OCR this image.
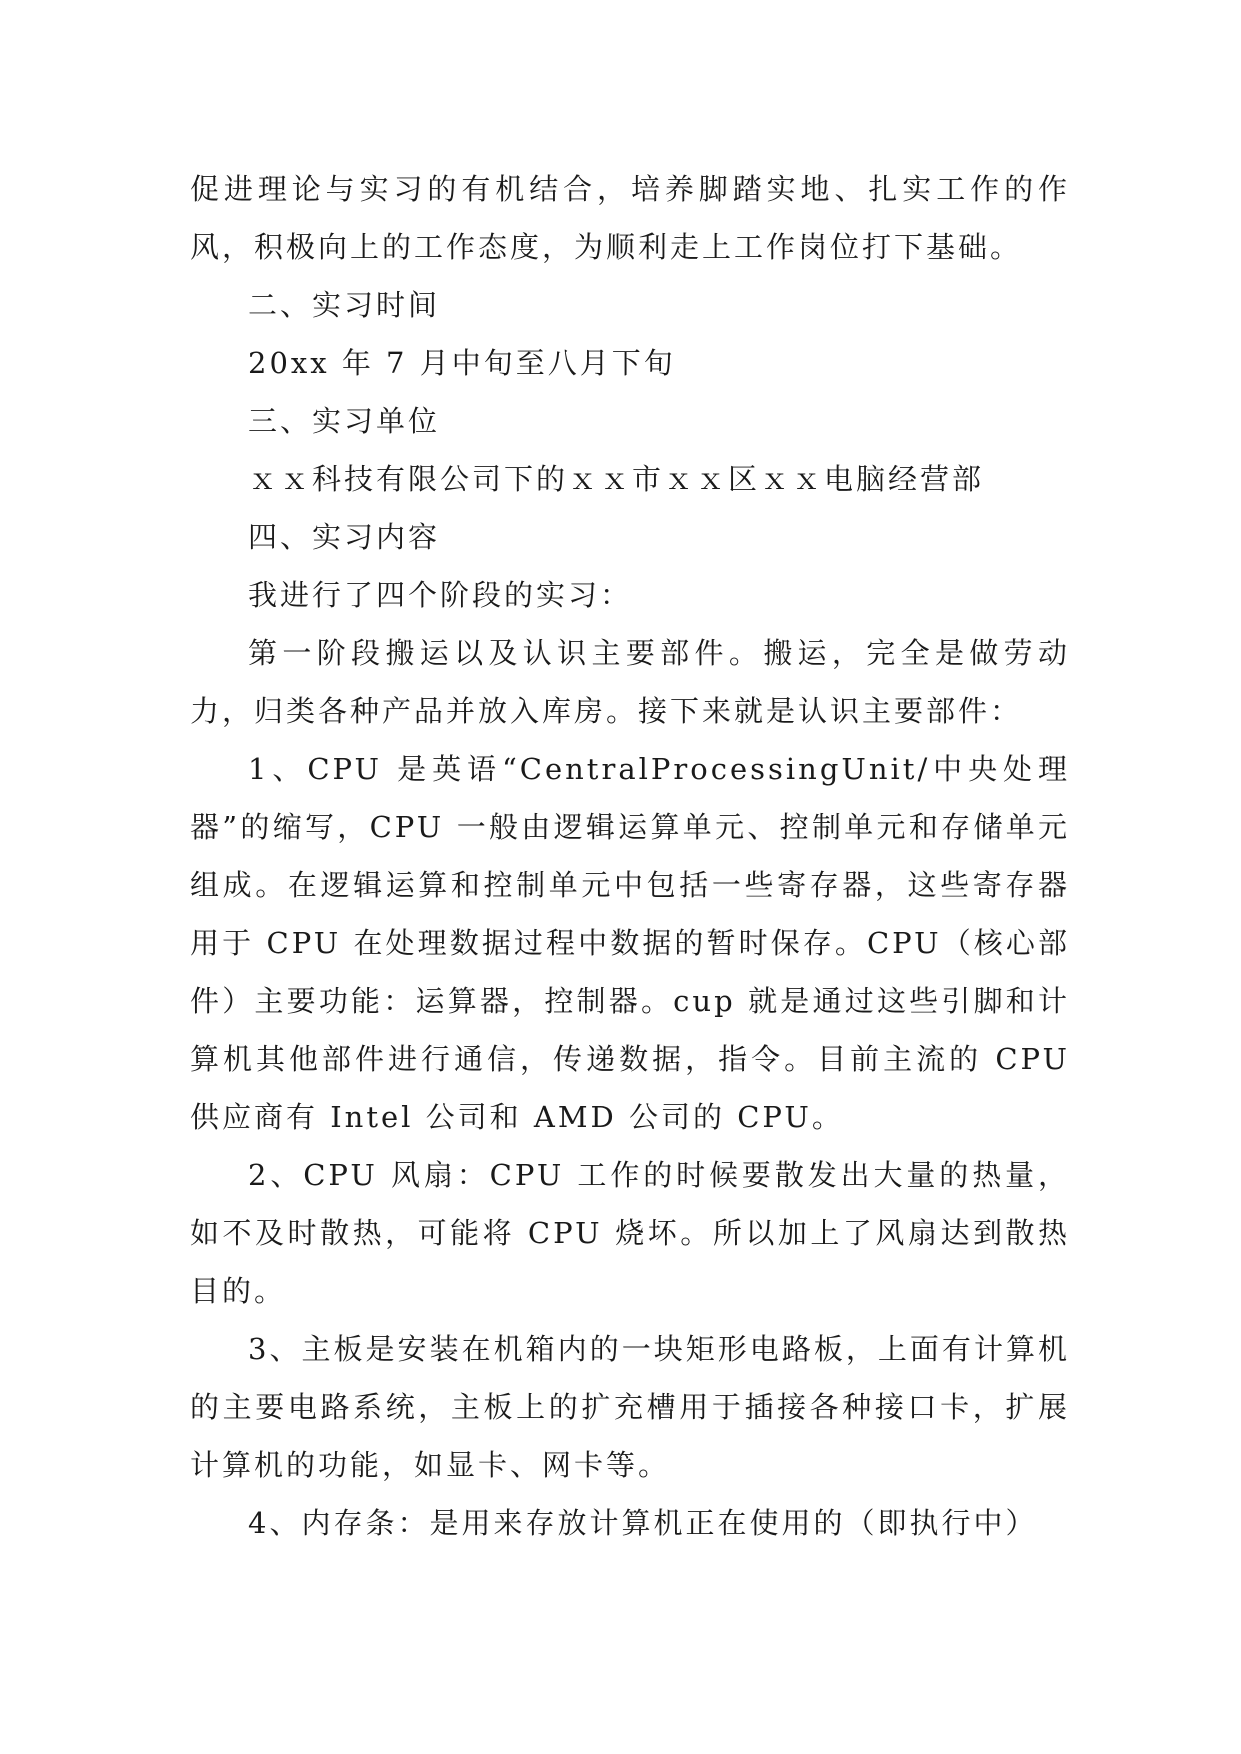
促进理论与实习的有机结合，培养脚踏实地、扎实工作的作风，积极向上的工作态度，为顺利走上工作岗位打下基础。

二、实习时间

20xx 年 7 月中旬至八月下旬

三、实习单位

ｘｘ科技有限公司下的ｘｘ市ｘｘ区ｘｘ电脑经营部

四、实习内容

我进行了四个阶段的实习：

第一阶段搬运以及认识主要部件。搬运，完全是做劳动力，归类各种产品并放入库房。接下来就是认识主要部件：

1、CPU 是英语“CentralProcessingUnit/中央处理器”的缩写，CPU 一般由逻辑运算单元、控制单元和存储单元组成。在逻辑运算和控制单元中包括一些寄存器，这些寄存器用于 CPU 在处理数据过程中数据的暂时保存。CPU（核心部件）主要功能：运算器，控制器。cup 就是通过这些引脚和计算机其他部件进行通信，传递数据，指令。目前主流的 CPU 供应商有 Intel 公司和 AMD 公司的 CPU。

2、CPU 风扇：CPU 工作的时候要散发出大量的热量，如不及时散热，可能将 CPU 烧坏。所以加上了风扇达到散热目的。

3、主板是安装在机箱内的一块矩形电路板，上面有计算机的主要电路系统，主板上的扩充槽用于插接各种接口卡，扩展计算机的功能，如显卡、网卡等。

4、内存条：是用来存放计算机正在使用的（即执行中）
